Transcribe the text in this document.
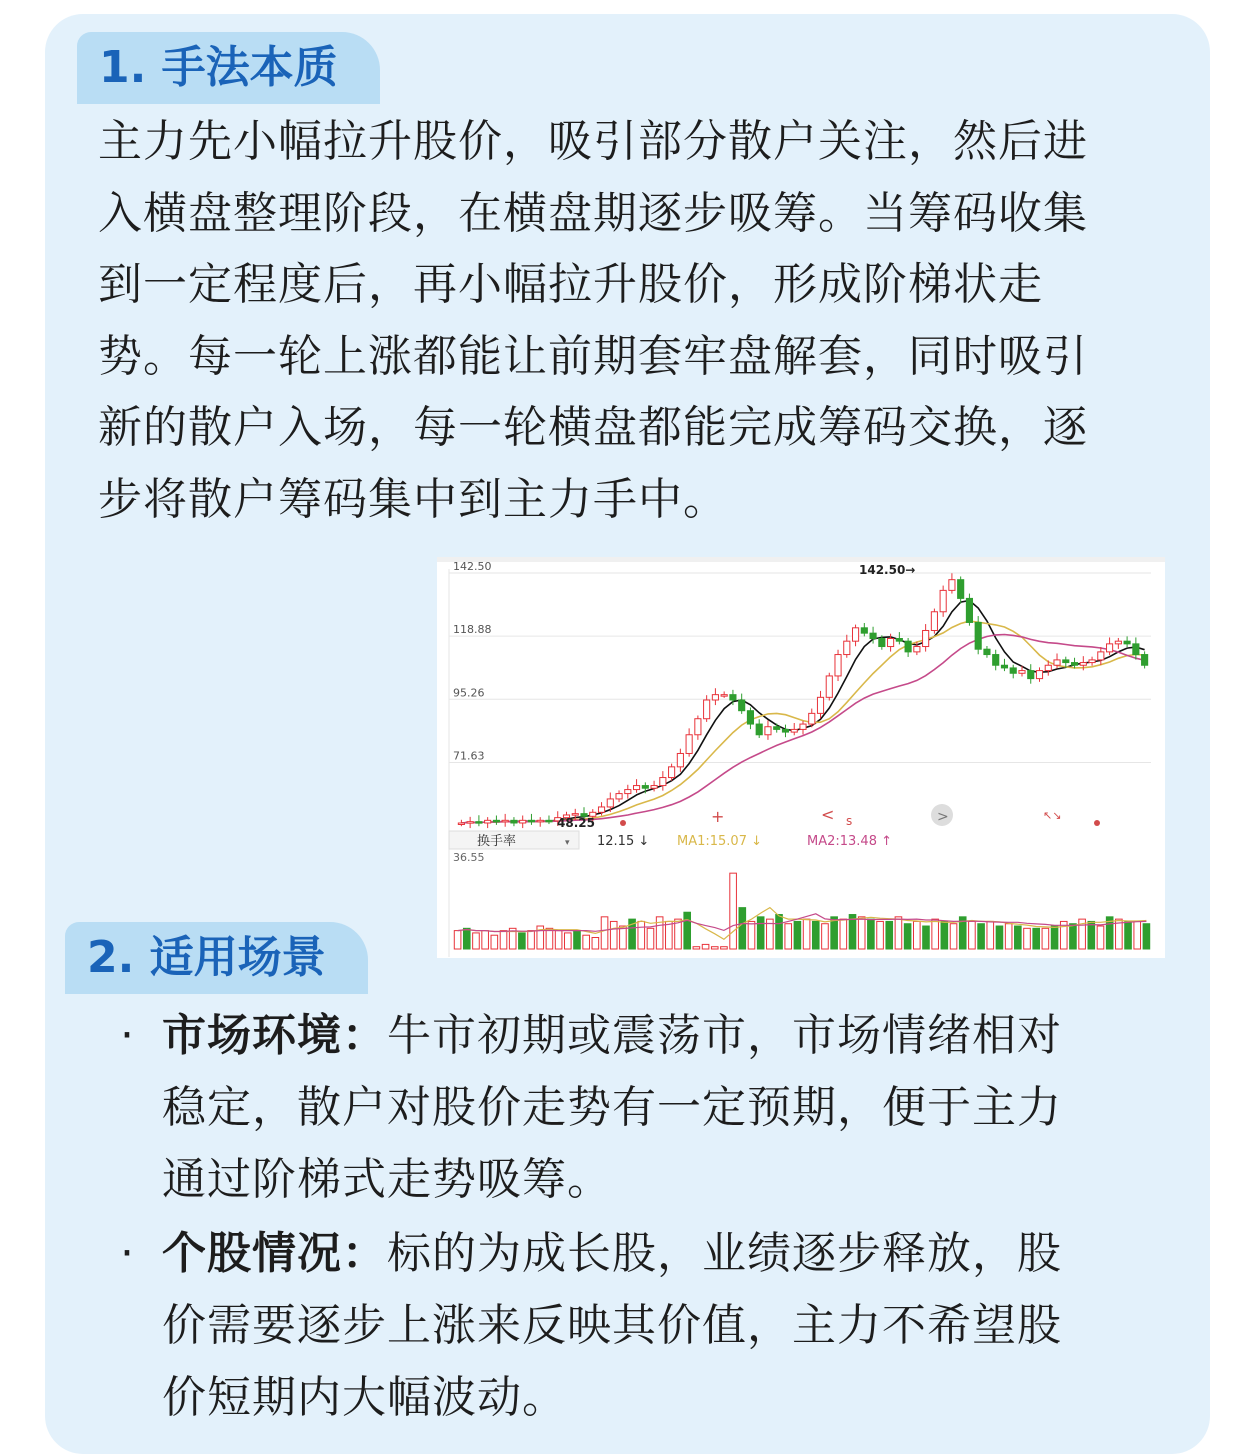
1. 手法本质
主力先小幅拉升股价，吸引部分散户关注，然后进
入横盘整理阶段，在横盘期逐步吸筹。当筹码收集
到一定程度后，再小幅拉升股价，形成阶梯状走
势。每一轮上涨都能让前期套牢盘解套，同时吸引
新的散户入场，每一轮横盘都能完成筹码交换，逐
步将散户筹码集中到主力手中。

142.50
118.88
95.26
71.63
142.50→
48.25	+	< s	>	↖↘
换手率	▾ 12.15 ↓ MA1:15.07 ↓	MA2:13.48 ↑
36.55
2. 适用场景
· 市场环境：牛市初期或震荡市，市场情绪相对
稳定，散户对股价走势有一定预期，便于主力
通过阶梯式走势吸筹。
· 个股情况：标的为成长股，业绩逐步释放，股
价需要逐步上涨来反映其价值，主力不希望股
价短期内大幅波动。
